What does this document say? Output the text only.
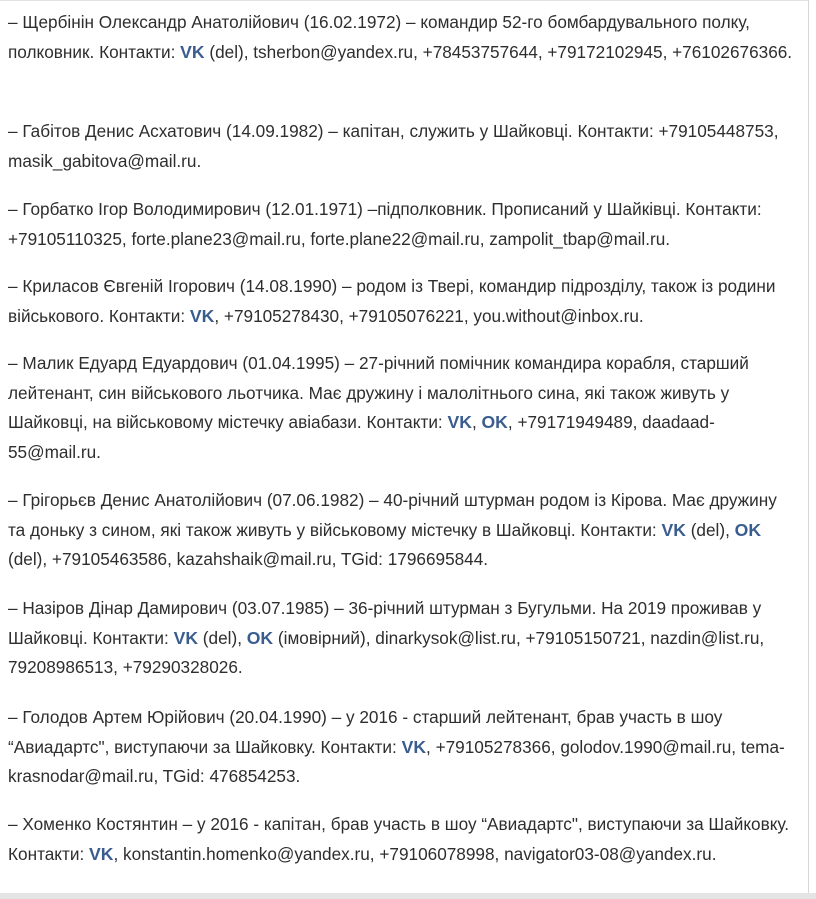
– Щербінін Олександр Анатолійович (16.02.1972) – командир 52-го бомбардувального полку, полковник. Контакти: VK (del), tsherbon@yandex.ru, +78453757644, +79172102945, +76102676366.

– Габітов Денис Асхатович (14.09.1982) – капітан, служить у Шайковці. Контакти: +79105448753, masik_gabitova@mail.ru.

– Горбатко Ігор Володимирович (12.01.1971) –підполковник. Прописаний у Шайківці. Контакти: +79105110325, forte.plane23@mail.ru, forte.plane22@mail.ru, zampolit_tbap@mail.ru.

– Криласов Євгеній Ігорович (14.08.1990) – родом із Твері, командир підрозділу, також із родини військового. Контакти: VK, +79105278430, +79105076221, you.without@inbox.ru.

– Малик Едуард Едуардович (01.04.1995) – 27-річний помічник командира корабля, старший лейтенант, син військового льотчика. Має дружину і малолітнього сина, які також живуть у Шайковці, на військовому містечку авіабази. Контакти: VK, OK, +79171949489, daadaad-55@mail.ru.

– Грігорьєв Денис Анатолійович (07.06.1982) – 40-річний штурман родом із Кірова. Має дружину та доньку з сином, які також живуть у військовому містечку в Шайковці. Контакти: VK (del), OK (del), +79105463586, kazahshaik@mail.ru, TGid: 1796695844.

– Назіров Дінар Дамирович (03.07.1985) – 36-річний штурман з Бугульми. На 2019 проживав у Шайковці. Контакти: VK (del), OK (імовірний), dinarkysok@list.ru, +79105150721, nazdin@list.ru, 79208986513, +79290328026.

– Голодов Артем Юрійович (20.04.1990) – у 2016 - старший лейтенант, брав участь в шоу “Авиадартс", виступаючи за Шайковку. Контакти: VK, +79105278366, golodov.1990@mail.ru, tema-krasnodar@mail.ru, TGid: 476854253.

– Хоменко Костянтин – у 2016 - капітан, брав участь в шоу “Авиадартс", виступаючи за Шайковку. Контакти: VK, konstantin.homenko@yandex.ru, +79106078998, navigator03-08@yandex.ru.
